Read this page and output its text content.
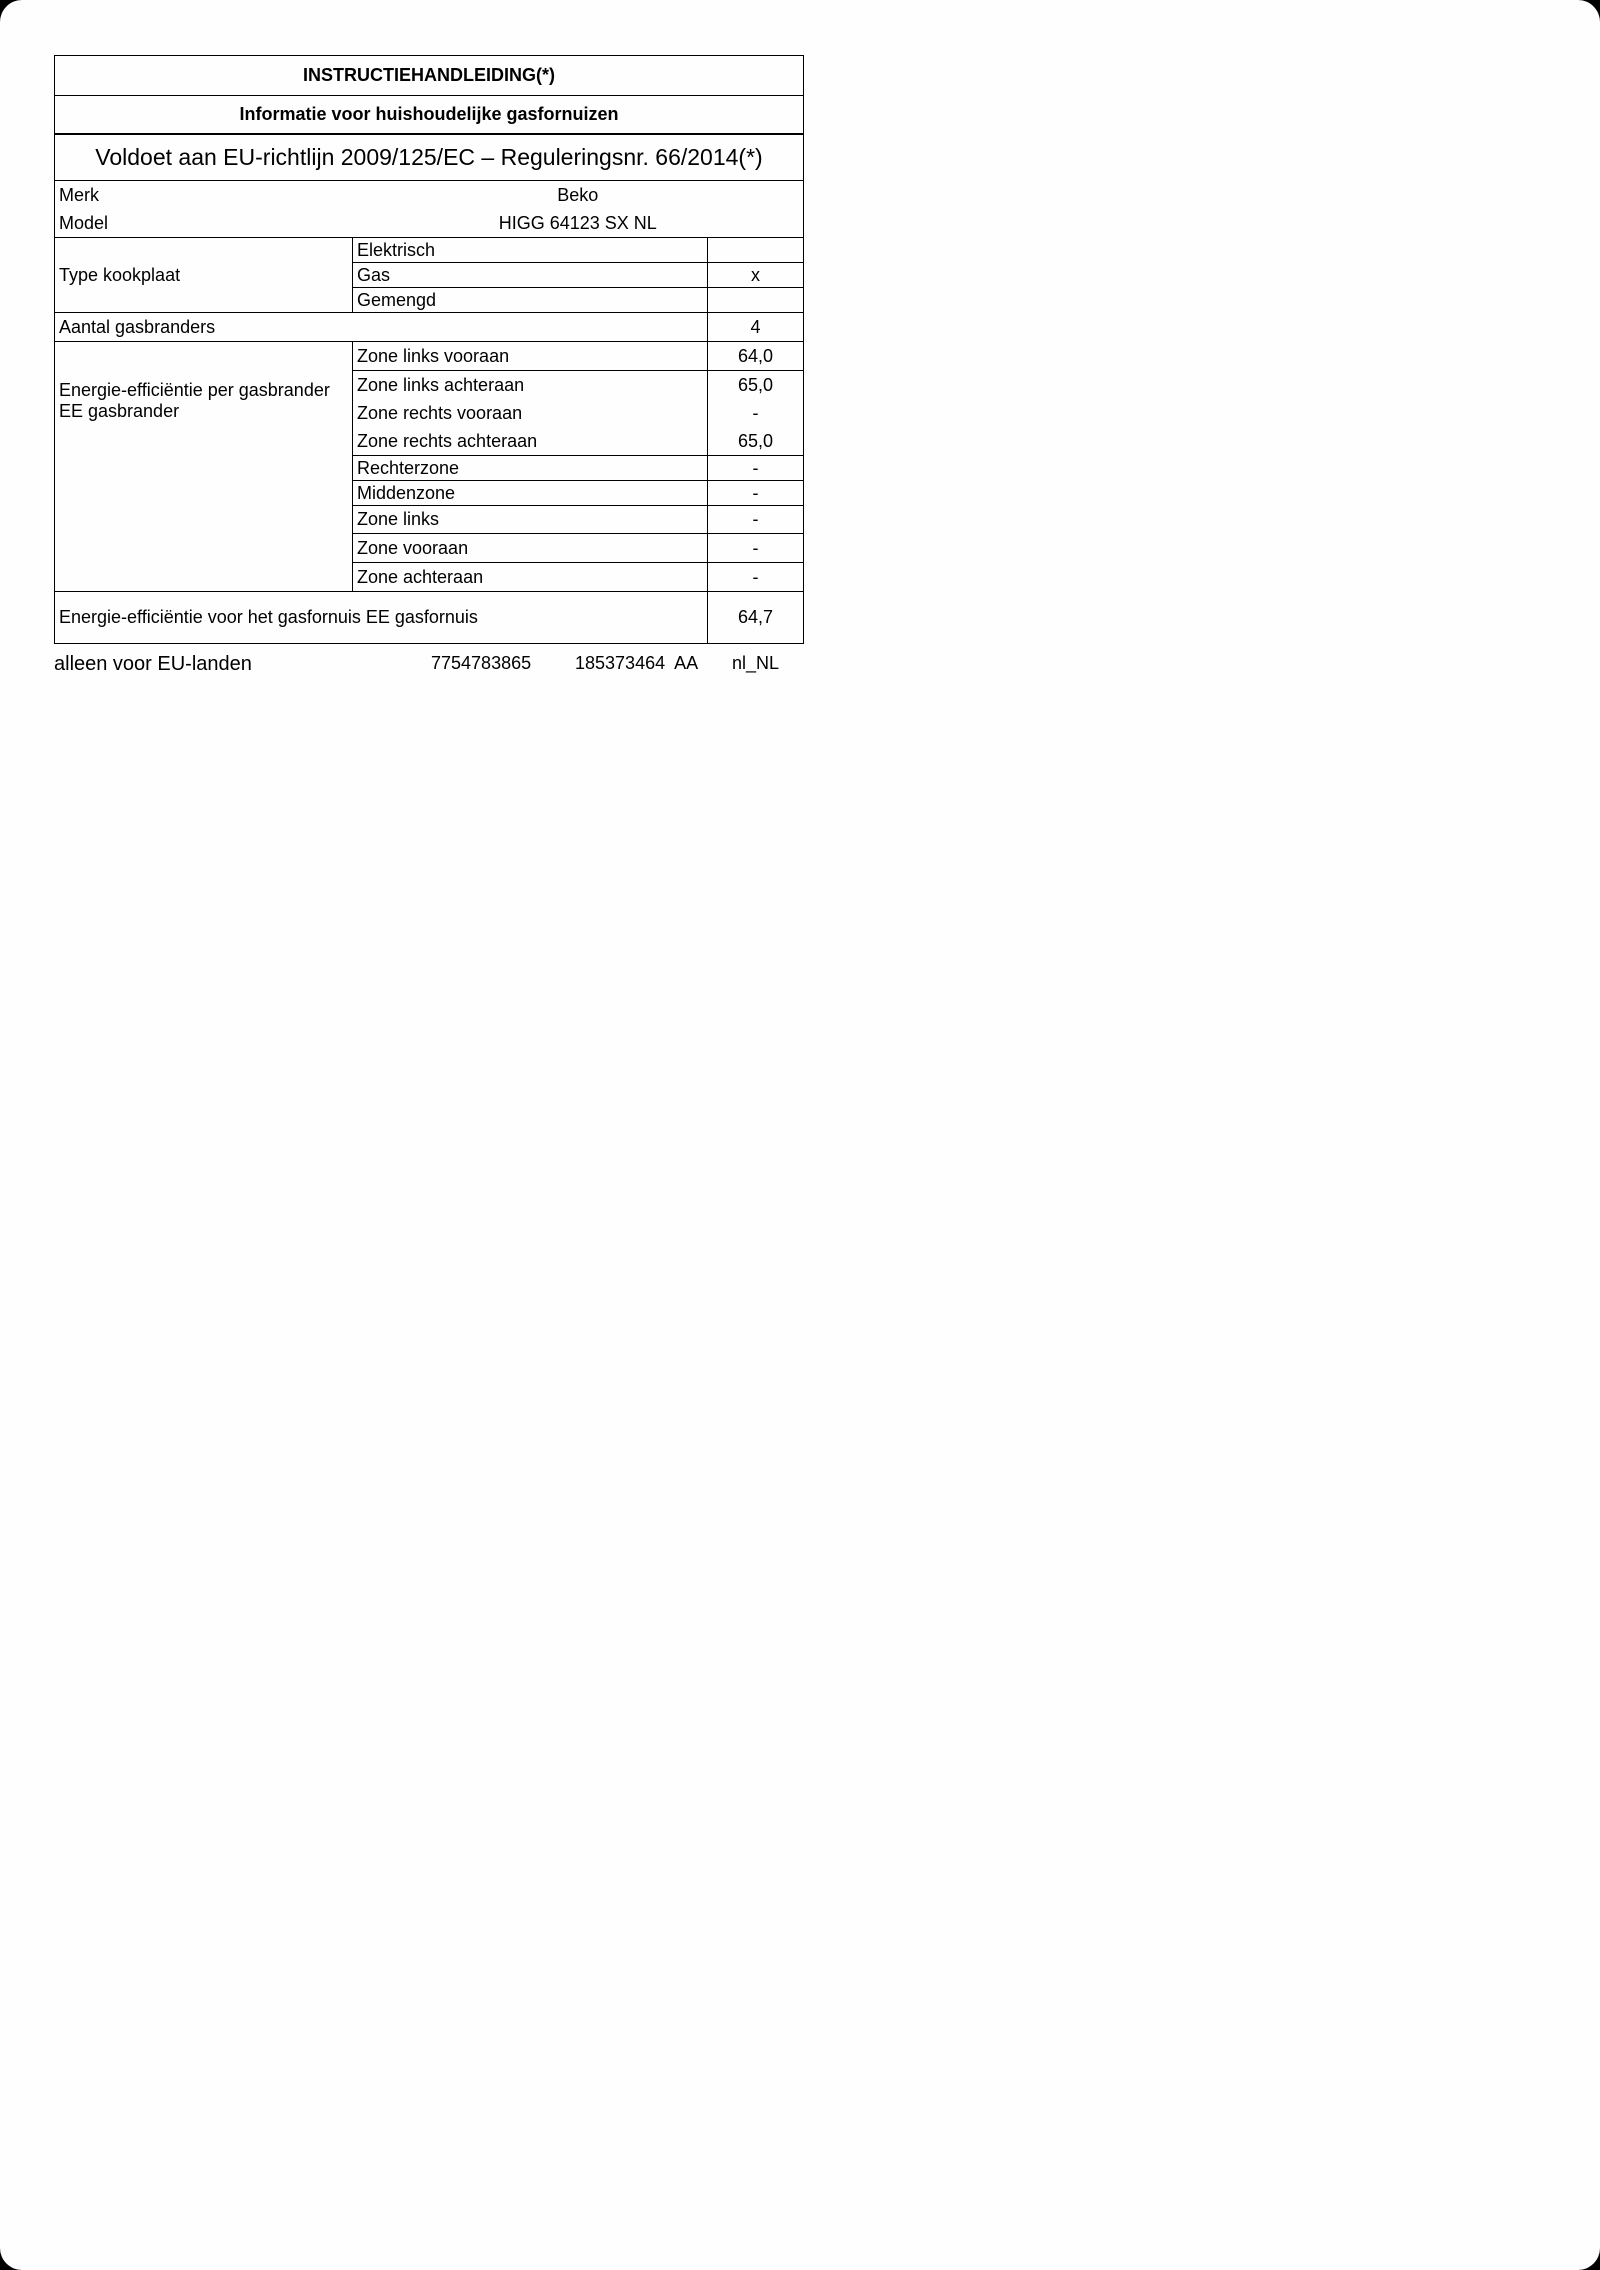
INSTRUCTIEHANDLEIDING(*)		
Informatie voor huishoudelijke gasfornuizen		
Voldoet aan EU-richtlijn 2009/125/EC – Reguleringsnr. 66/2014(*)		
Merk	Beko	
Model	HIGG 64123 SX NL	
Type kookplaat	Elektrisch	
	Gas	x
	Gemengd	
Aantal gasbranders		4

Energie-efficiëntie per gasbrander
EE gasbrander	Zone links vooraan	64,0
	Zone links achteraan	65,0
	Zone rechts vooraan	-
	Zone rechts achteraan	65,0
	Rechterzone	-
	Middenzone	-
	Zone links	-
	Zone vooraan	-
	Zone achteraan	-
Energie-efficiëntie voor het gasfornuis EE gasfornuis		64,7
alleen voor EU-landen	7754783865 185373464  AA nl_NL
